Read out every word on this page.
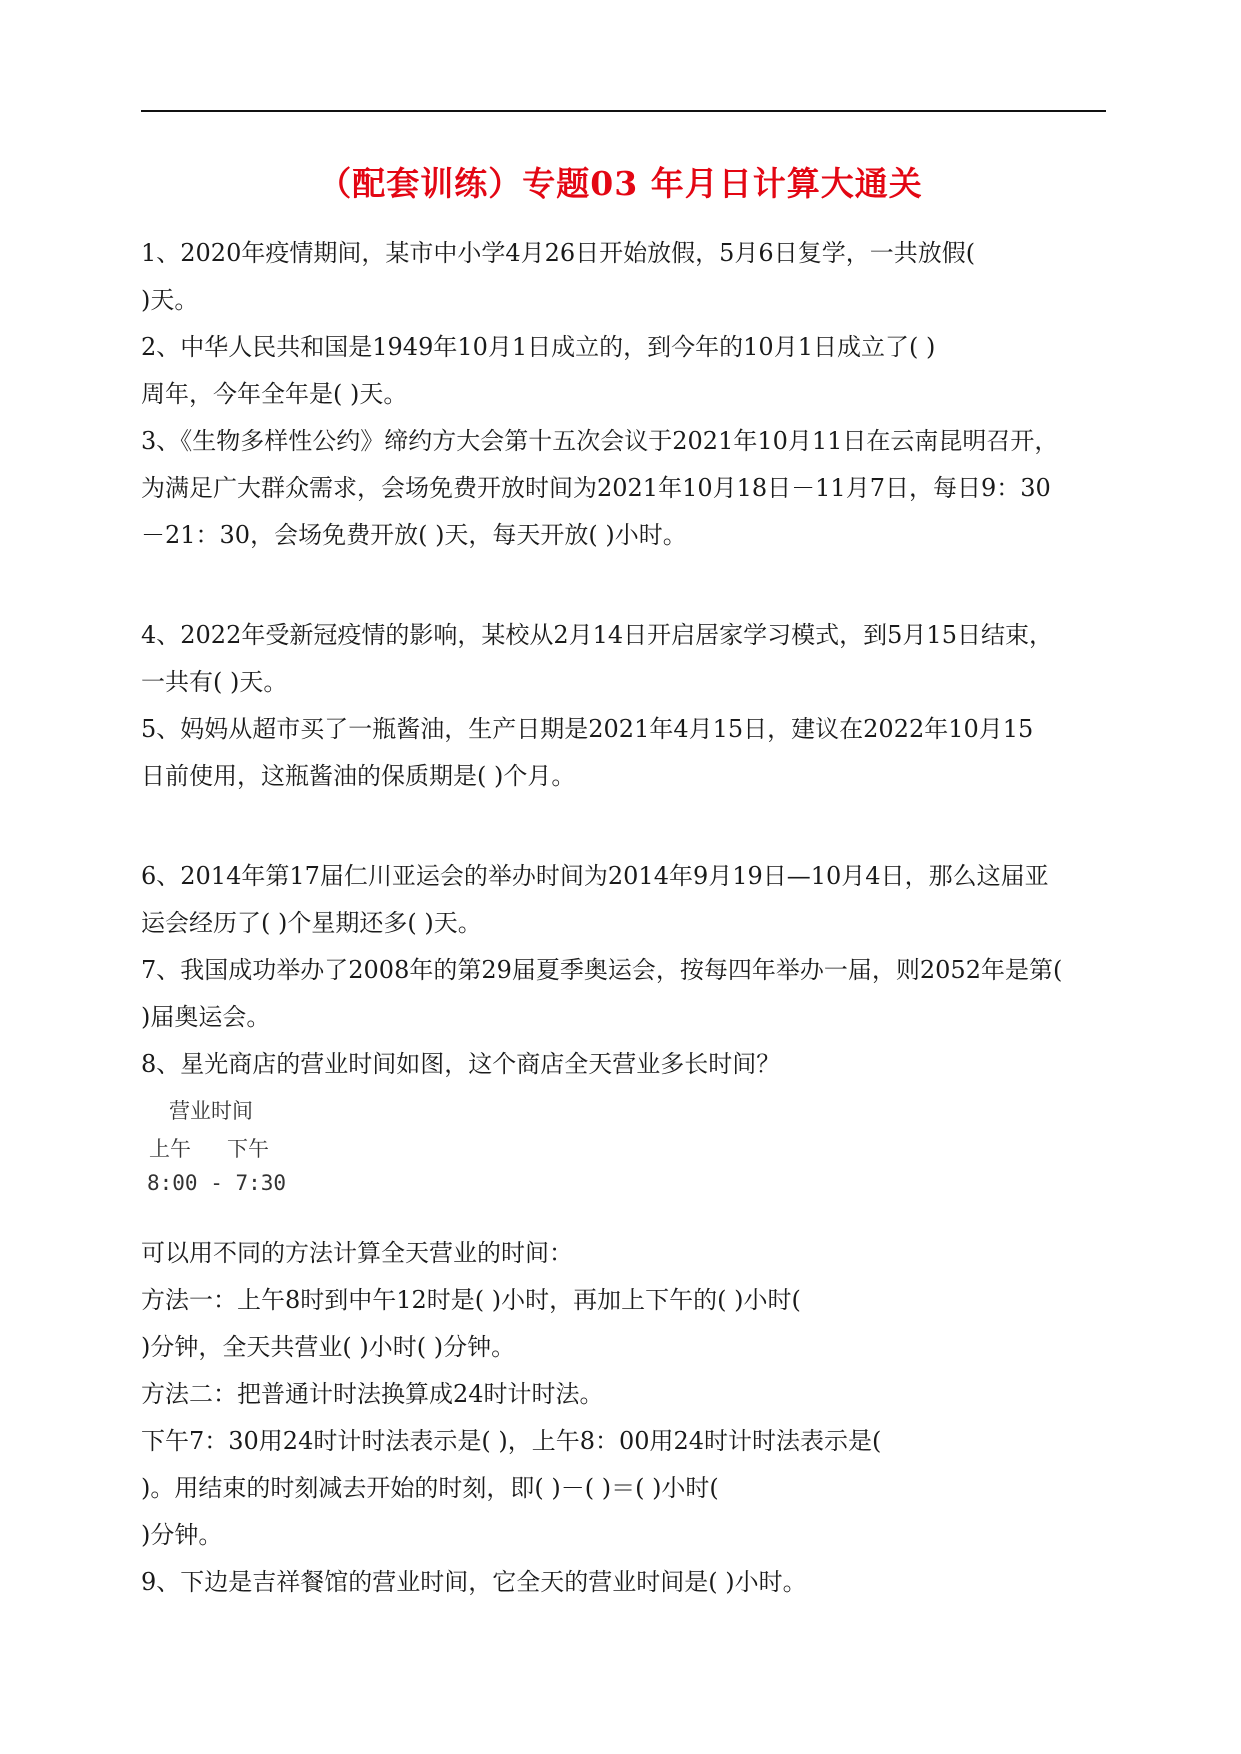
（配套训练）专题03 年月日计算大通关
1、2020年疫情期间，某市中小学4月26日开始放假，5月6日复学，一共放假(
)天。
2、中华人民共和国是1949年10月1日成立的，到今年的10月1日成立了( )
周年，今年全年是( )天。
3、《生物多样性公约》缔约方大会第十五次会议于2021年10月11日在云南昆明召开，
为满足广大群众需求，会场免费开放时间为2021年10月18日－11月7日，每日9：30
－21：30，会场免费开放( )天，每天开放( )小时。
4、2022年受新冠疫情的影响，某校从2月14日开启居家学习模式，到5月15日结束，
一共有( )天。
5、妈妈从超市买了一瓶酱油，生产日期是2021年4月15日，建议在2022年10月15
日前使用，这瓶酱油的保质期是( )个月。
6、2014年第17届仁川亚运会的举办时间为2014年9月19日—10月4日，那么这届亚
运会经历了( )个星期还多( )天。
7、我国成功举办了2008年的第29届夏季奥运会，按每四年举办一届，则2052年是第(
)届奥运会。
8、星光商店的营业时间如图，这个商店全天营业多长时间？
营业时间
上午 下午
8:00 - 7:30
可以用不同的方法计算全天营业的时间：
方法一：上午8时到中午12时是( )小时，再加上下午的( )小时(
)分钟，全天共营业( )小时( )分钟。
方法二：把普通计时法换算成24时计时法。
下午7：30用24时计时法表示是( )，上午8：00用24时计时法表示是(
)。用结束的时刻减去开始的时刻，即( )－( )＝( )小时(
)分钟。
9、下边是吉祥餐馆的营业时间，它全天的营业时间是( )小时。
